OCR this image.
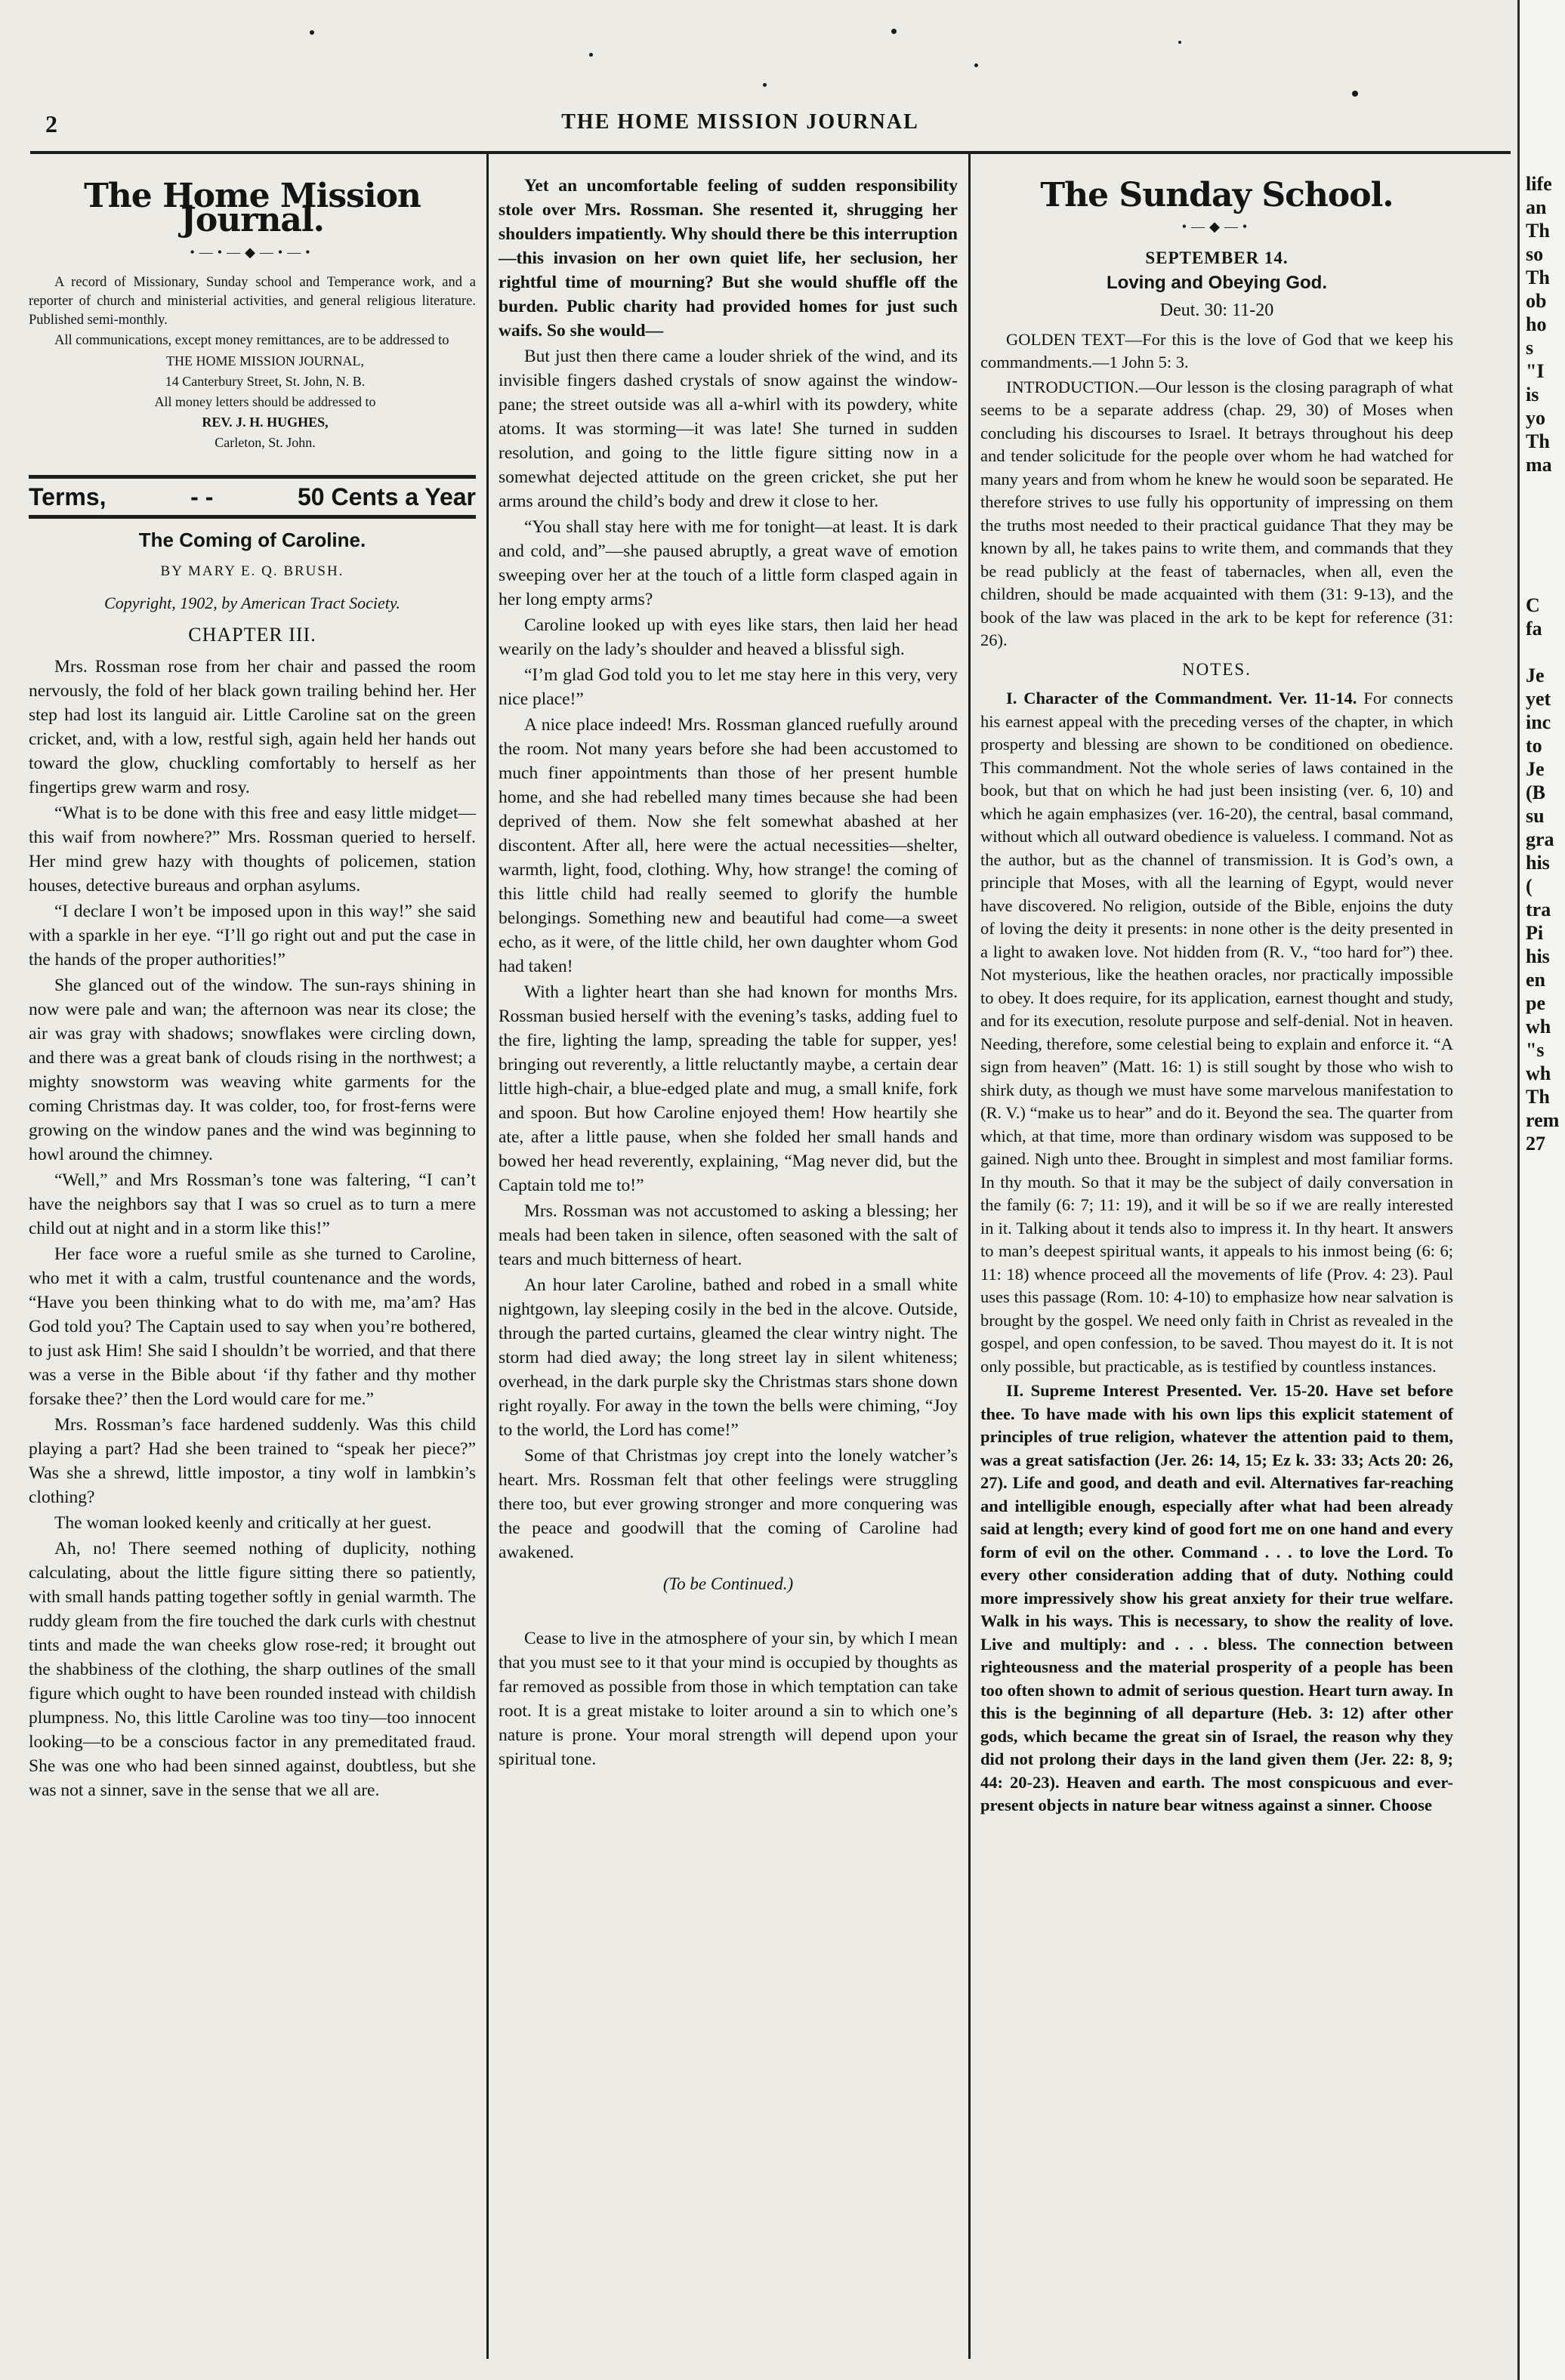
2	THE HOME MISSION JOURNAL
The Home Mission Journal.
•—•—◆—•—•

A record of Missionary, Sunday school and Temperance work, and a reporter of church and ministerial activities, and general religious literature. Published semi-monthly.

All communications, except money remittances, are to be addressed to

THE HOME MISSION JOURNAL,

14 Canterbury Street, St. John, N. B.

All money letters should be addressed to

REV. J. H. HUGHES,

Carleton, St. John.

Terms,	- -	50 Cents a Year
The Coming of Caroline.
BY MARY E. Q. BRUSH.
Copyright, 1902, by American Tract Society.
CHAPTER III.

Mrs. Rossman rose from her chair and passed the room nervously, the fold of her black gown trailing behind her. Her step had lost its languid air. Little Caroline sat on the green cricket, and, with a low, restful sigh, again held her hands out toward the glow, chuckling comfortably to herself as her fingertips grew warm and rosy.

“What is to be done with this free and easy little midget—this waif from nowhere?” Mrs. Rossman queried to herself. Her mind grew hazy with thoughts of policemen, station houses, detective bureaus and orphan asylums.

“I declare I won’t be imposed upon in this way!” she said with a sparkle in her eye. “I’ll go right out and put the case in the hands of the proper authorities!”

She glanced out of the window. The sun-rays shining in now were pale and wan; the afternoon was near its close; the air was gray with shadows; snowflakes were circling down, and there was a great bank of clouds rising in the northwest; a mighty snowstorm was weaving white garments for the coming Christmas day. It was colder, too, for frost-ferns were growing on the window panes and the wind was beginning to howl around the chimney.

“Well,” and Mrs Rossman’s tone was faltering, “I can’t have the neighbors say that I was so cruel as to turn a mere child out at night and in a storm like this!”

Her face wore a rueful smile as she turned to Caroline, who met it with a calm, trustful countenance and the words, “Have you been thinking what to do with me, ma’am? Has God told you? The Captain used to say when you’re bothered, to just ask Him! She said I shouldn’t be worried, and that there was a verse in the Bible about ‘if thy father and thy mother forsake thee?’ then the Lord would care for me.”

Mrs. Rossman’s face hardened suddenly. Was this child playing a part? Had she been trained to “speak her piece?” Was she a shrewd, little impostor, a tiny wolf in lambkin’s clothing?

The woman looked keenly and critically at her guest.

Ah, no! There seemed nothing of duplicity, nothing calculating, about the little figure sitting there so patiently, with small hands patting together softly in genial warmth. The ruddy gleam from the fire touched the dark curls with chestnut tints and made the wan cheeks glow rose-red; it brought out the shabbiness of the clothing, the sharp outlines of the small figure which ought to have been rounded instead with childish plumpness. No, this little Caroline was too tiny—too innocent looking—to be a conscious factor in any premeditated fraud. She was one who had been sinned against, doubtless, but she was not a sinner, save in the sense that we all are.

Yet an uncomfortable feeling of sudden responsibility stole over Mrs. Rossman. She resented it, shrugging her shoulders impatiently. Why should there be this interruption—this invasion on her own quiet life, her seclusion, her rightful time of mourning? But she would shuffle off the burden. Public charity had provided homes for just such waifs. So she would—

But just then there came a louder shriek of the wind, and its invisible fingers dashed crystals of snow against the window-pane; the street outside was all a-whirl with its powdery, white atoms. It was storming—it was late! She turned in sudden resolution, and going to the little figure sitting now in a somewhat dejected attitude on the green cricket, she put her arms around the child’s body and drew it close to her.

“You shall stay here with me for tonight—at least. It is dark and cold, and”—she paused abruptly, a great wave of emotion sweeping over her at the touch of a little form clasped again in her long empty arms?

Caroline looked up with eyes like stars, then laid her head wearily on the lady’s shoulder and heaved a blissful sigh.

“I’m glad God told you to let me stay here in this very, very nice place!”

A nice place indeed! Mrs. Rossman glanced ruefully around the room. Not many years before she had been accustomed to much finer appointments than those of her present humble home, and she had rebelled many times because she had been deprived of them. Now she felt somewhat abashed at her discontent. After all, here were the actual necessities—shelter, warmth, light, food, clothing. Why, how strange! the coming of this little child had really seemed to glorify the humble belongings. Something new and beautiful had come—a sweet echo, as it were, of the little child, her own daughter whom God had taken!

With a lighter heart than she had known for months Mrs. Rossman busied herself with the evening’s tasks, adding fuel to the fire, lighting the lamp, spreading the table for supper, yes! bringing out reverently, a little reluctantly maybe, a certain dear little high-chair, a blue-edged plate and mug, a small knife, fork and spoon. But how Caroline enjoyed them! How heartily she ate, after a little pause, when she folded her small hands and bowed her head reverently, explaining, “Mag never did, but the Captain told me to!”

Mrs. Rossman was not accustomed to asking a blessing; her meals had been taken in silence, often seasoned with the salt of tears and much bitterness of heart.

An hour later Caroline, bathed and robed in a small white nightgown, lay sleeping cosily in the bed in the alcove. Outside, through the parted curtains, gleamed the clear wintry night. The storm had died away; the long street lay in silent whiteness; overhead, in the dark purple sky the Christmas stars shone down right royally. For away in the town the bells were chiming, “Joy to the world, the Lord has come!”

Some of that Christmas joy crept into the lonely watcher’s heart. Mrs. Rossman felt that other feelings were struggling there too, but ever growing stronger and more conquering was the peace and goodwill that the coming of Caroline had awakened.

(To be Continued.)

Cease to live in the atmosphere of your sin, by which I mean that you must see to it that your mind is occupied by thoughts as far removed as possible from those in which temptation can take root. It is a great mistake to loiter around a sin to which one’s nature is prone. Your moral strength will depend upon your spiritual tone.

The Sunday School.
•—◆—•
SEPTEMBER 14.
Loving and Obeying God.
Deut. 30: 11-20

GOLDEN TEXT—For this is the love of God that we keep his commandments.—1 John 5: 3.

INTRODUCTION.—Our lesson is the closing paragraph of what seems to be a separate address (chap. 29, 30) of Moses when concluding his discourses to Israel. It betrays throughout his deep and tender solicitude for the people over whom he had watched for many years and from whom he knew he would soon be separated. He therefore strives to use fully his opportunity of impressing on them the truths most needed to their practical guidance That they may be known by all, he takes pains to write them, and commands that they be read publicly at the feast of tabernacles, when all, even the children, should be made acquainted with them (31: 9-13), and the book of the law was placed in the ark to be kept for reference (31: 26).

NOTES.

I. Character of the Commandment. Ver. 11-14. For connects his earnest appeal with the preceding verses of the chapter, in which prosperty and blessing are shown to be conditioned on obedience. This commandment. Not the whole series of laws contained in the book, but that on which he had just been insisting (ver. 6, 10) and which he again emphasizes (ver. 16-20), the central, basal command, without which all outward obedience is valueless. I command. Not as the author, but as the channel of transmission. It is God’s own, a principle that Moses, with all the learning of Egypt, would never have discovered. No religion, outside of the Bible, enjoins the duty of loving the deity it presents: in none other is the deity presented in a light to awaken love. Not hidden from (R. V., “too hard for”) thee. Not mysterious, like the heathen oracles, nor practically impossible to obey. It does require, for its application, earnest thought and study, and for its execution, resolute purpose and self-denial. Not in heaven. Needing, therefore, some celestial being to explain and enforce it. “A sign from heaven” (Matt. 16: 1) is still sought by those who wish to shirk duty, as though we must have some marvelous manifestation to (R. V.) “make us to hear” and do it. Beyond the sea. The quarter from which, at that time, more than ordinary wisdom was supposed to be gained. Nigh unto thee. Brought in simplest and most familiar forms. In thy mouth. So that it may be the subject of daily conversation in the family (6: 7; 11: 19), and it will be so if we are really interested in it. Talking about it tends also to impress it. In thy heart. It answers to man’s deepest spiritual wants, it appeals to his inmost being (6: 6; 11: 18) whence proceed all the movements of life (Prov. 4: 23). Paul uses this passage (Rom. 10: 4-10) to emphasize how near salvation is brought by the gospel. We need only faith in Christ as revealed in the gospel, and open confession, to be saved. Thou mayest do it. It is not only possible, but practicable, as is testified by countless instances.

II. Supreme Interest Presented. Ver. 15-20. Have set before thee. To have made with his own lips this explicit statement of principles of true religion, whatever the attention paid to them, was a great satisfaction (Jer. 26: 14, 15; Ez k. 33: 33; Acts 20: 26, 27). Life and good, and death and evil. Alternatives far-reaching and intelligible enough, especially after what had been already said at length; every kind of good fort me on one hand and every form of evil on the other. Command . . . to love the Lord. To every other consideration adding that of duty. Nothing could more impressively show his great anxiety for their true welfare. Walk in his ways. This is necessary, to show the reality of love. Live and multiply: and . . . bless. The connection between righteousness and the material prosperity of a people has been too often shown to admit of serious question. Heart turn away. In this is the beginning of all departure (Heb. 3: 12) after other gods, which became the great sin of Israel, the reason why they did not prolong their days in the land given them (Jer. 22: 8, 9; 44: 20-23). Heaven and earth. The most conspicuous and ever-present objects in nature bear witness against a sinner. Choose

life
an
Th
so
Th
ob
ho
s
"I
is
yo
Th
ma

C
fa

Je
yet
inc
to
Je
(B
su
gra
his
(
tra
Pi
his
en
pe
wh
"s
wh
Th
rem
27
